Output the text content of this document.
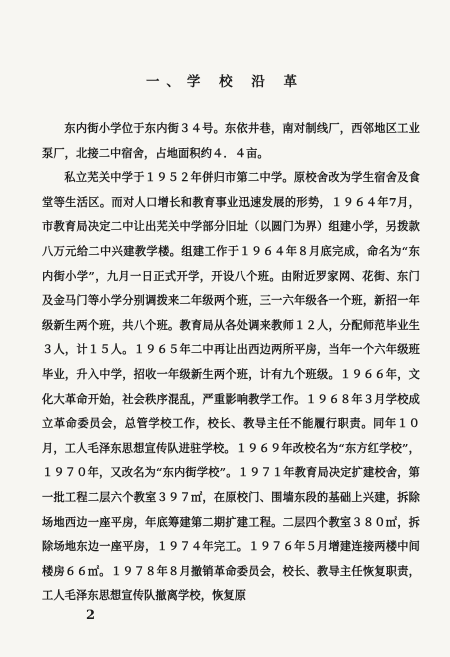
一、学 校 沿 革

东内街小学位于东内街３４号。东依井巷，南对制线厂，西邻地区工业泵厂，北接二中宿舍，占地面积约４．４亩。

私立芜关中学于１９５２年併归市第二中学。原校舍改为学生宿舍及食堂等生活区。而对人口增长和教育事业迅速发展的形势，１９６４年7月，市教育局决定二中让出芜关中学部分旧址（以圆门为界）组建小学，另拨款八万元给二中兴建教学楼。组建工作于１９６４年８月底完成，命名为“东内街小学”，九月一日正式开学，开设八个班。由附近罗家网、花街、东门及金马门等小学分别调拨来二年级两个班，三一六年级各一个班，新招一年级新生两个班，共八个班。教育局从各处调来教师１２人，分配师范毕业生３人，计１５人。１９６５年二中再让出西边两所平房，当年一个六年级班毕业，升入中学，招收一年级新生两个班，计有九个班级。１９６６年，文化大革命开始，社会秩序混乱，严重影响教学工作。１９６８年３月学校成立革命委员会，总管学校工作，校长、教导主任不能履行职责。同年１０月，工人毛泽东思想宣传队进驻学校。１９６９年改校名为“东方红学校”，１９７０年，又改名为“东内街学校”。１９７１年教育局决定扩建校舍，第一批工程二层六个教室３９７㎡，在原校门、围墙东段的基础上兴建，拆除场地西边一座平房，年底筹建第二期扩建工程。二层四个教室３８０㎡，拆除场地东边一座平房，１９７４年完工。１９７６年５月增建连接两楼中间楼房６６㎡。１９７８年８月撤销革命委员会，校长、教导主任恢复职责，工人毛泽东思想宣传队撤离学校，恢复原

2
